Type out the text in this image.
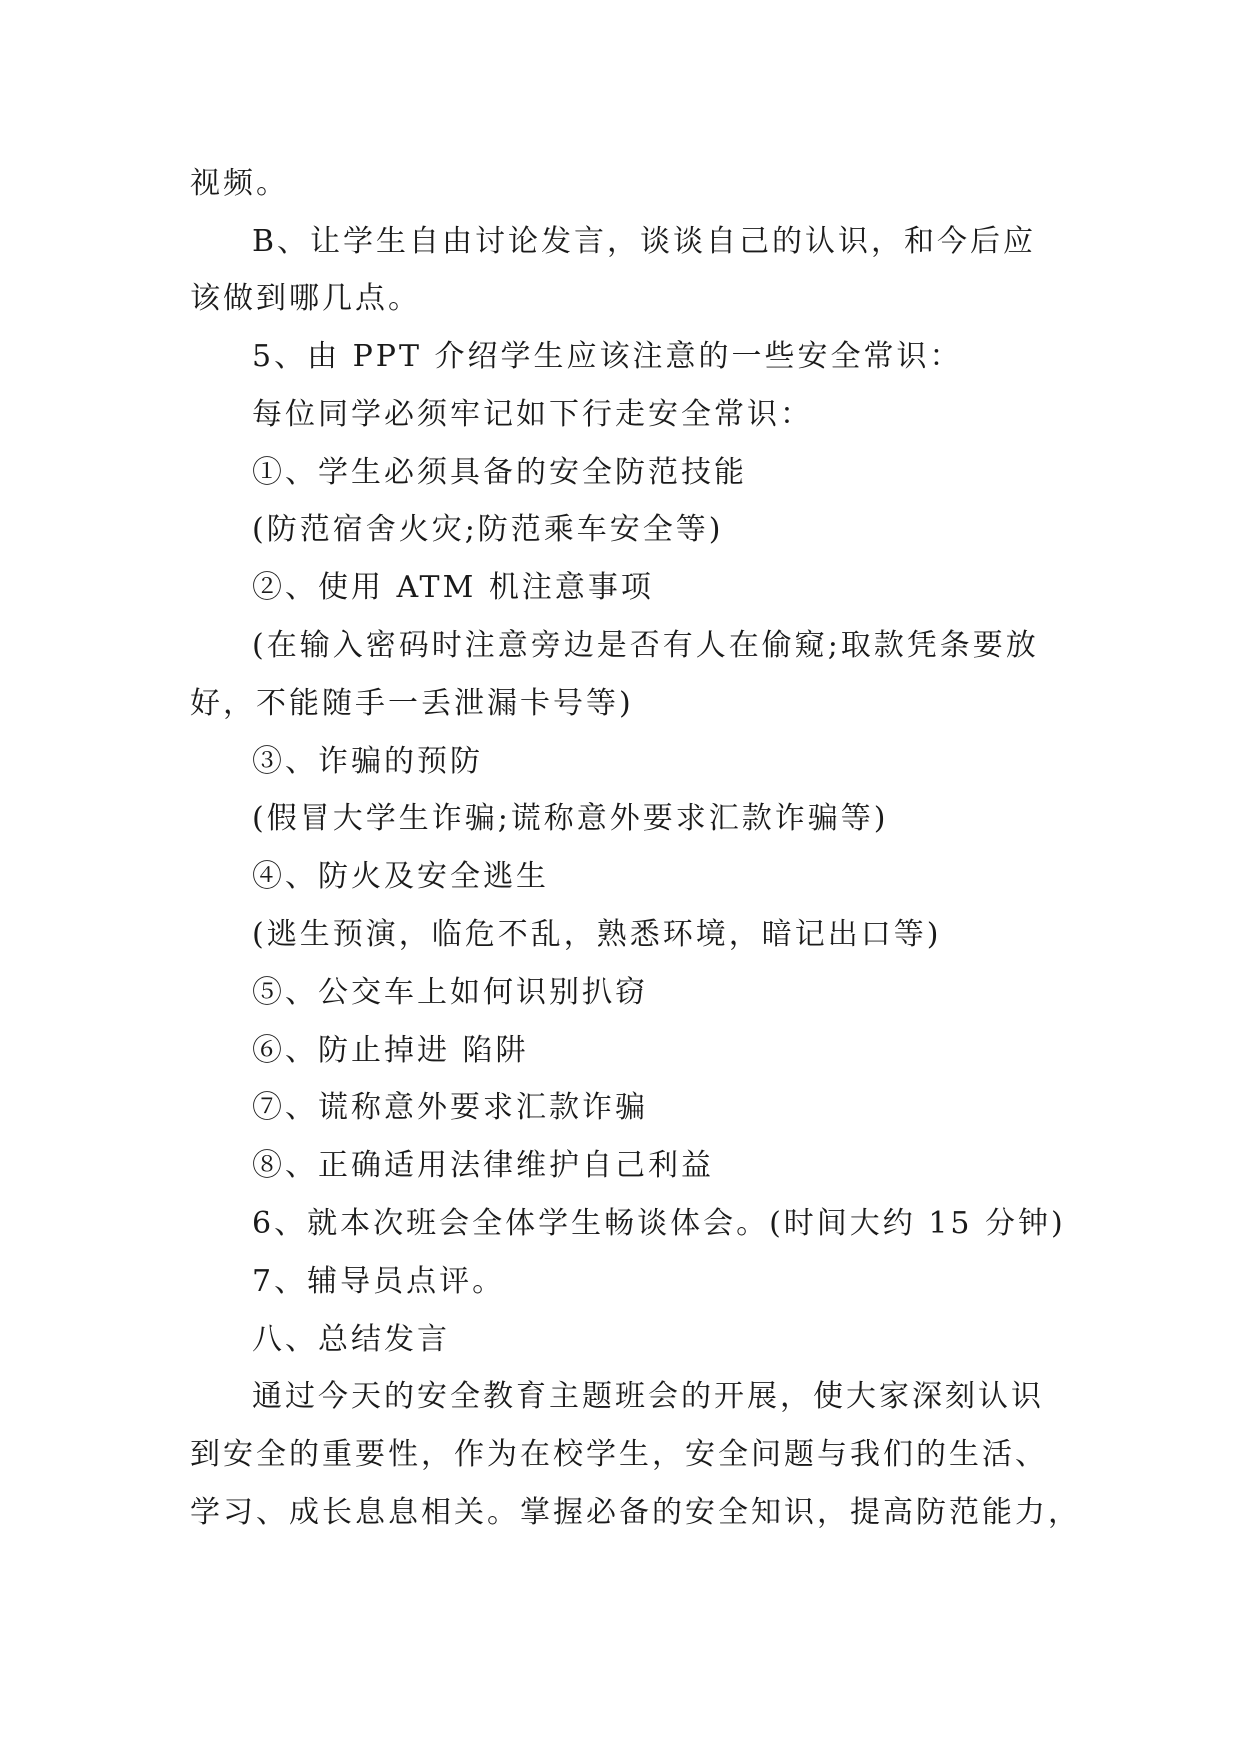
视频。
B、让学生自由讨论发言，谈谈自己的认识，和今后应
该做到哪几点。
5、由 PPT 介绍学生应该注意的一些安全常识：
每位同学必须牢记如下行走安全常识：
①、学生必须具备的安全防范技能
(防范宿舍火灾;防范乘车安全等)
②、使用 ATM 机注意事项
(在输入密码时注意旁边是否有人在偷窥;取款凭条要放
好，不能随手一丢泄漏卡号等)
③、诈骗的预防
(假冒大学生诈骗;谎称意外要求汇款诈骗等)
④、防火及安全逃生
(逃生预演，临危不乱，熟悉环境，暗记出口等)
⑤、公交车上如何识别扒窃
⑥、防止掉进 陷阱
⑦、谎称意外要求汇款诈骗
⑧、正确适用法律维护自己利益
6、就本次班会全体学生畅谈体会。(时间大约 15 分钟)
7、辅导员点评。
八、总结发言
通过今天的安全教育主题班会的开展，使大家深刻认识
到安全的重要性，作为在校学生，安全问题与我们的生活、
学习、成长息息相关。掌握必备的安全知识，提高防范能力，
